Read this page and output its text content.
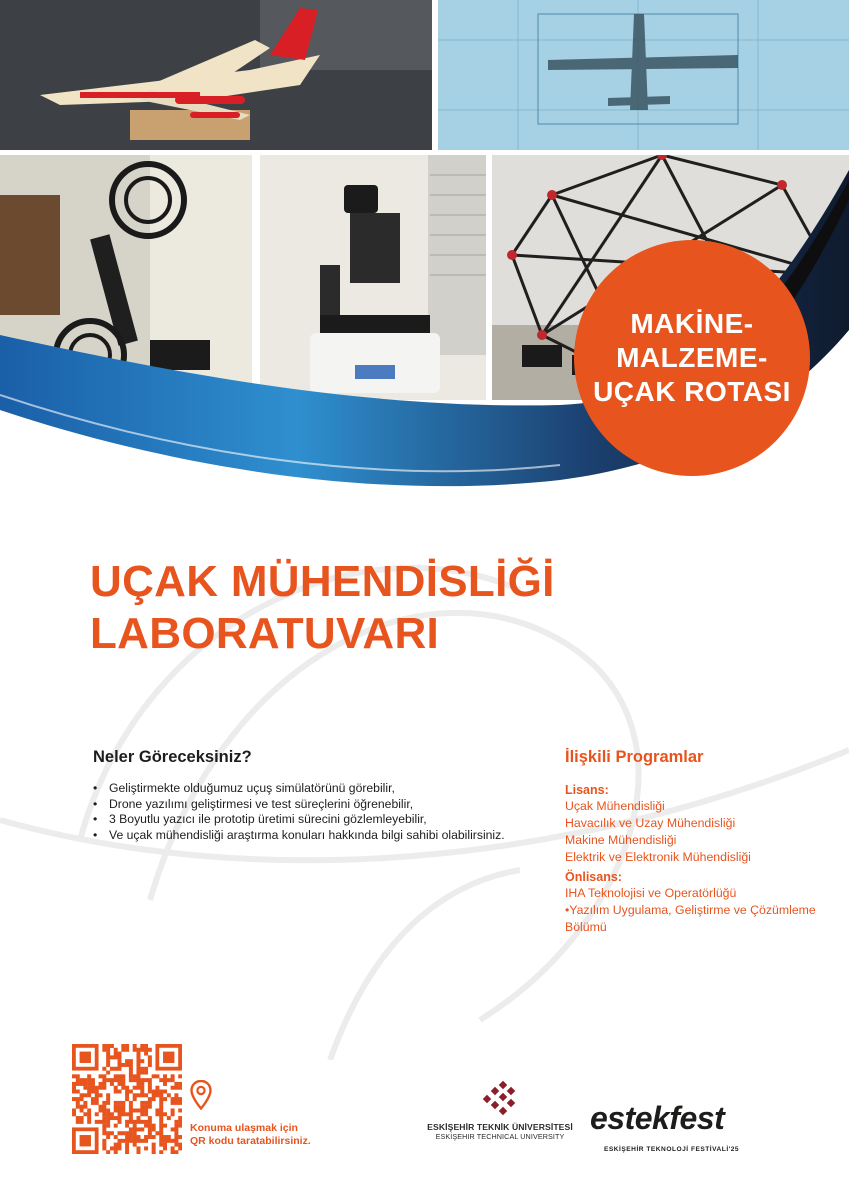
MAKİNE-
MALZEME-
UÇAK ROTASI
UÇAK MÜHENDİSLİĞİ
LABORATUVARI
Neler Göreceksiniz?
• Geliştirmekte olduğumuz uçuş simülatörünü görebilir,
• Drone yazılımı geliştirmesi ve test süreçlerini öğrenebilir,
• 3 Boyutlu yazıcı ile prototip üretimi sürecini gözlemleyebilir,
• Ve uçak mühendisliği araştırma konuları hakkında bilgi sahibi olabilirsiniz.
İlişkili Programlar
Lisans:
Uçak Mühendisliği
Havacılık ve Uzay Mühendisliği
Makine Mühendisliği
Elektrik ve Elektronik Mühendisliği
Önlisans:
IHA Teknolojisi ve Operatörlüğü
•Yazılım Uygulama, Geliştirme ve Çözümleme Bölümü
Konuma ulaşmak için
QR kodu taratabilirsiniz.
ESKİŞEHİR TEKNİK ÜNİVERSİTESİ
ESKİŞEHIR TECHNICAL UNIVERSITY
estekfest
ESKİŞEHİR TEKNOLOJİ FESTİVALİ'25
